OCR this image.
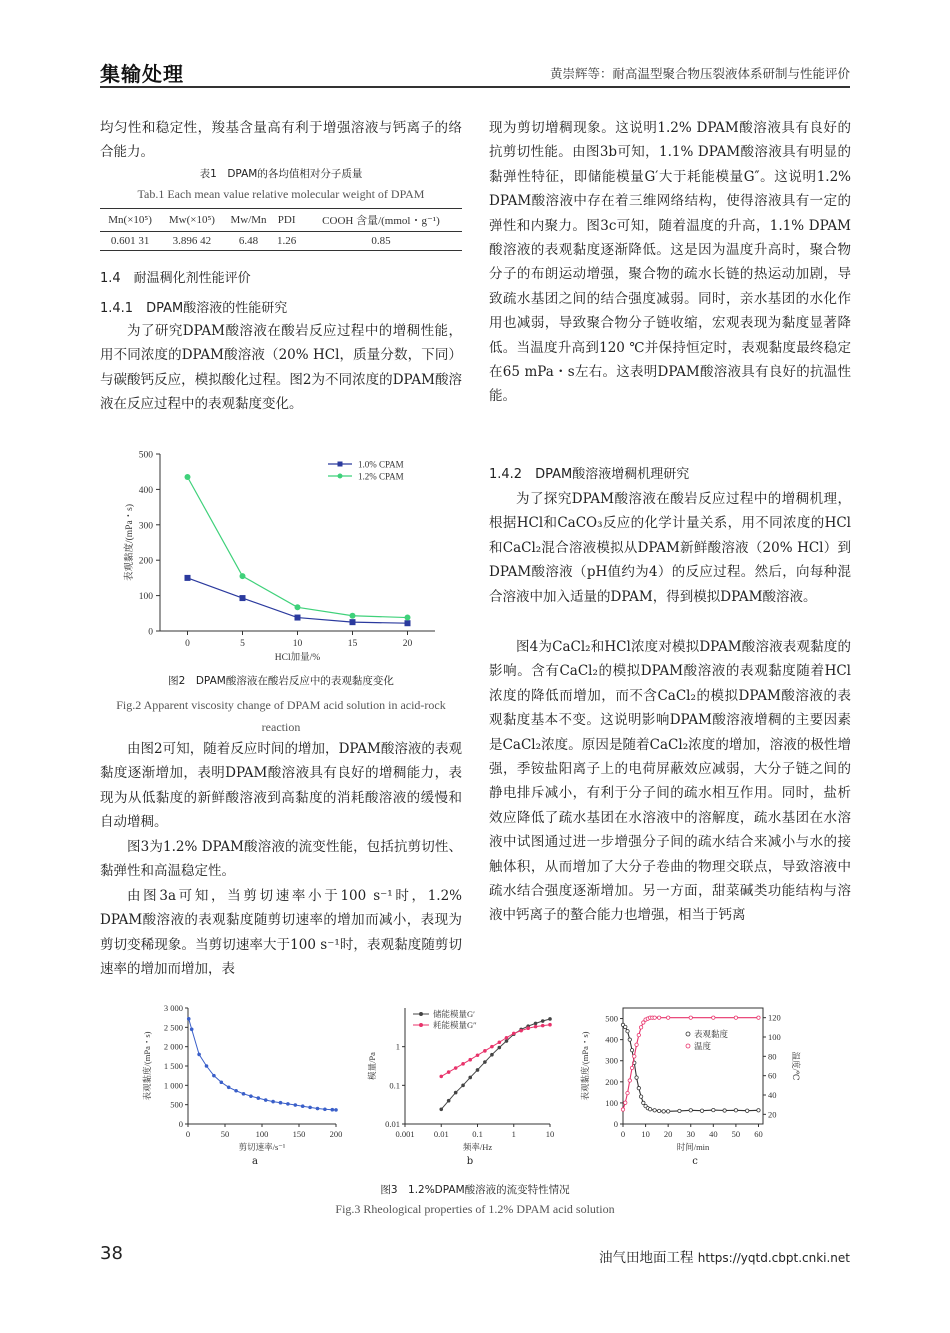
集输处理	黄崇辉等：耐高温型聚合物压裂液体系研制与性能评价

均匀性和稳定性，羧基含量高有利于增强溶液与钙离子的络合能力。

表1　DPAM的各均值相对分子质量
Tab.1 Each mean value relative molecular weight of DPAM
Mn(×10⁵)	Mw(×10⁵)	Mw/Mn	PDI	COOH 含量/(mmol・g⁻¹)
0.601 31	3.896 42	6.48	1.26	0.85
1.4　耐温稠化剂性能评价
1.4.1　DPAM酸溶液的性能研究

为了研究DPAM酸溶液在酸岩反应过程中的增稠性能，用不同浓度的DPAM酸溶液（20% HCl，质量分数，下同）与碳酸钙反应，模拟酸化过程。图2为不同浓度的DPAM酸溶液在反应过程中的表观黏度变化。

0
100
200
300
400
500
0	5	10	15	20
HCl加量/%
表观黏度/(mPa・s)
1.0% CPAM
1.2% CPAM
图2　DPAM酸溶液在酸岩反应中的表观黏度变化
Fig.2 Apparent viscosity change of DPAM acid solution in acid-rock reaction

由图2可知，随着反应时间的增加，DPAM酸溶液的表观黏度逐渐增加，表明DPAM酸溶液具有良好的增稠能力，表现为从低黏度的新鲜酸溶液到高黏度的消耗酸溶液的缓慢和自动增稠。

图3为1.2% DPAM酸溶液的流变性能，包括抗剪切性、黏弹性和高温稳定性。

由图3a可知，当剪切速率小于100 s⁻¹时，1.2% DPAM酸溶液的表观黏度随剪切速率的增加而减小，表现为剪切变稀现象。当剪切速率大于100 s⁻¹时，表观黏度随剪切速率的增加而增加，表

现为剪切增稠现象。这说明1.2% DPAM酸溶液具有良好的抗剪切性能。由图3b可知，1.1% DPAM酸溶液具有明显的黏弹性特征，即储能模量G′大于耗能模量G″。这说明1.2% DPAM酸溶液中存在着三维网络结构，使得溶液具有一定的弹性和内聚力。图3c可知，随着温度的升高，1.1% DPAM酸溶液的表观黏度逐渐降低。这是因为温度升高时，聚合物分子的布朗运动增强，聚合物的疏水长链的热运动加剧，导致疏水基团之间的结合强度减弱。同时，亲水基团的水化作用也减弱，导致聚合物分子链收缩，宏观表现为黏度显著降低。当温度升高到120 ℃并保持恒定时，表观黏度最终稳定在65 mPa・s左右。这表明DPAM酸溶液具有良好的抗温性能。

1.4.2　DPAM酸溶液增稠机理研究

为了探究DPAM酸溶液在酸岩反应过程中的增稠机理，根据HCl和CaCO₃反应的化学计量关系，用不同浓度的HCl和CaCl₂混合溶液模拟从DPAM新鲜酸溶液（20% HCl）到DPAM酸溶液（pH值约为4）的反应过程。然后，向每种混合溶液中加入适量的DPAM，得到模拟DPAM酸溶液。

图4为CaCl₂和HCl浓度对模拟DPAM酸溶液表观黏度的影响。含有CaCl₂的模拟DPAM酸溶液的表观黏度随着HCl浓度的降低而增加，而不含CaCl₂的模拟DPAM酸溶液的表观黏度基本不变。这说明影响DPAM酸溶液增稠的主要因素是CaCl₂浓度。原因是随着CaCl₂浓度的增加，溶液的极性增强，季铵盐阳离子上的电荷屏蔽效应减弱，大分子链之间的静电排斥减小，有利于分子间的疏水相互作用。同时，盐析效应降低了疏水基团在水溶液中的溶解度，疏水基团在水溶液中试图通过进一步增强分子间的疏水结合来减小与水的接触体积，从而增加了大分子卷曲的物理交联点，导致溶液中疏水结合强度逐渐增加。另一方面，甜菜碱类功能结构与溶液中钙离子的螯合能力也增强，相当于钙离

0
500
1 000
1 500
2 000
2 500
3 000
0	50	100	150	200
剪切速率/s⁻¹
表观黏度/(mPa・s)
0.01
0.1
1
0.001 0.01	0.1	1	10
频率/Hz
模量/Pa
储能模量G′
耗能模量G″
0
100
200
300
400
500
20
40
60
80
100
120
0 10 20 30 40 50 60
时间/min
表观黏度/(mPa・s)	温度/℃
表观黏度
温度
a	b	c
图3　1.2%DPAM酸溶液的流变特性情况
Fig.3 Rheological properties of 1.2% DPAM acid solution
38	油气田地面工程 https://yqtd.cbpt.cnki.net
